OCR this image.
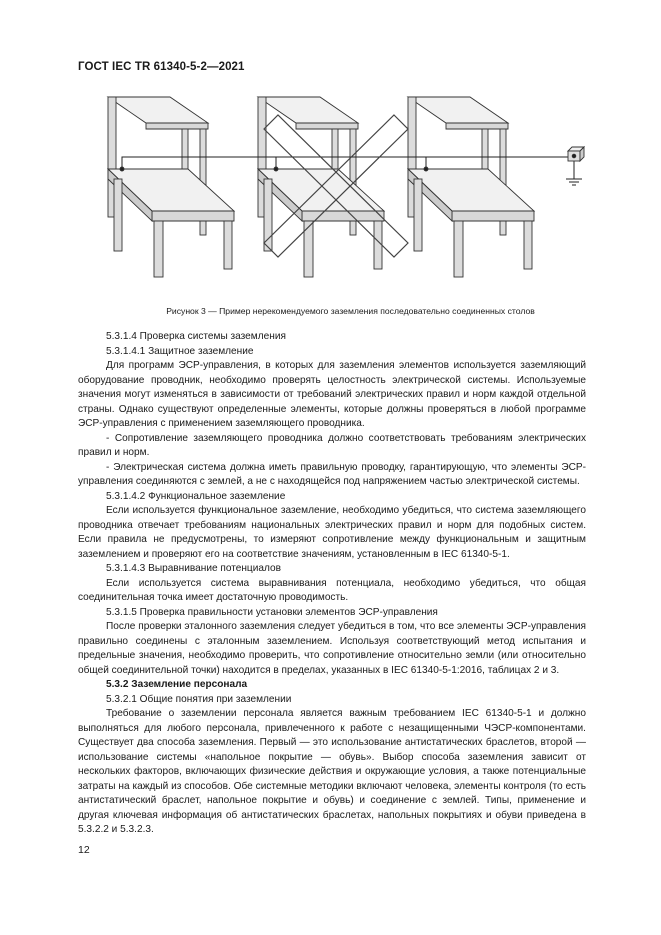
ГОСТ IEC TR 61340-5-2—2021
Рисунок 3 — Пример нерекомендуемого заземления последовательно соединенных столов

5.3.1.4 Проверка системы заземления

5.3.1.4.1 Защитное заземление

Для программ ЭСР-управления, в которых для заземления элементов используется заземляющий оборудование проводник, необходимо проверять целостность электрической системы. Используемые значения могут изменяться в зависимости от требований электрических правил и норм каждой отдельной страны. Однако существуют определенные элементы, которые должны проверяться в любой программе ЭСР-управления с применением заземляющего проводника.

- Сопротивление заземляющего проводника должно соответствовать требованиям электрических правил и норм.

- Электрическая система должна иметь правильную проводку, гарантирующую, что элементы ЭСР-управления соединяются с землей, а не с находящейся под напряжением частью электрической системы.

5.3.1.4.2 Функциональное заземление

Если используется функциональное заземление, необходимо убедиться, что система заземляющего проводника отвечает требованиям национальных электрических правил и норм для подобных систем. Если правила не предусмотрены, то измеряют сопротивление между функциональным и защитным заземлением и проверяют его на соответствие значениям, установленным в IEC 61340-5-1.

5.3.1.4.3 Выравнивание потенциалов

Если используется система выравнивания потенциала, необходимо убедиться, что общая соединительная точка имеет достаточную проводимость.

5.3.1.5 Проверка правильности установки элементов ЭСР-управления

После проверки эталонного заземления следует убедиться в том, что все элементы ЭСР-управления правильно соединены с эталонным заземлением. Используя соответствующий метод испытания и предельные значения, необходимо проверить, что сопротивление относительно земли (или относительно общей соединительной точки) находится в пределах, указанных в IEC 61340-5-1:2016, таблицах 2 и 3.

5.3.2 Заземление персонала

5.3.2.1 Общие понятия при заземлении

Требование о заземлении персонала является важным требованием IEC 61340-5-1 и должно выполняться для любого персонала, привлеченного к работе с незащищенными ЧЭСР-компонентами. Существует два способа заземления. Первый — это использование антистатических браслетов, второй — использование системы «напольное покрытие — обувь». Выбор способа заземления зависит от нескольких факторов, включающих физические действия и окружающие условия, а также потенциальные затраты на каждый из способов. Обе системные методики включают человека, элементы контроля (то есть антистатический браслет, напольное покрытие и обувь) и соединение с землей. Типы, применение и другая ключевая информация об антистатических браслетах, напольных покрытиях и обуви приведена в 5.3.2.2 и 5.3.2.3.

12
